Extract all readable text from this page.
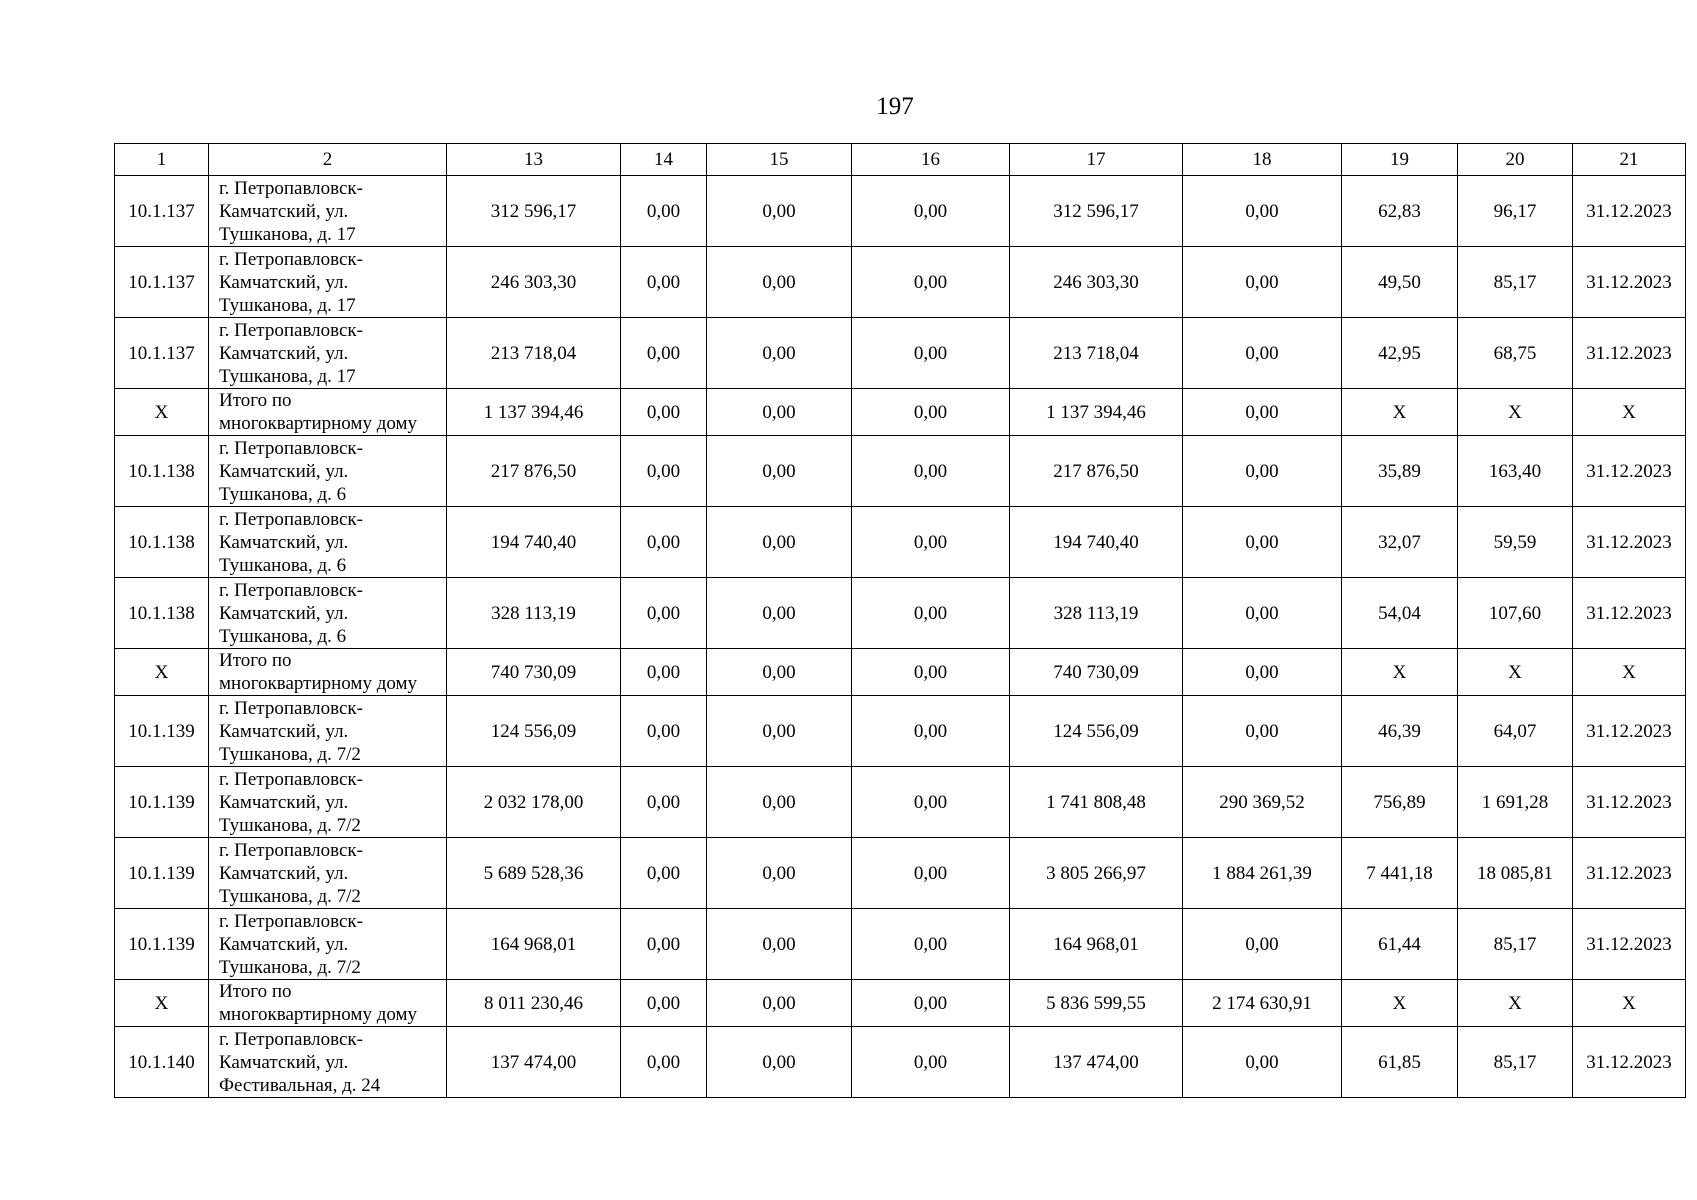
197
1	2	13	14	15	16	17	18	19	20	21
10.1.137	г. Петропавловск-
Камчатский, ул.
Тушканова, д. 17	312 596,17	0,00	0,00	0,00	312 596,17	0,00	62,83	96,17	31.12.2023
10.1.137	г. Петропавловск-
Камчатский, ул.
Тушканова, д. 17	246 303,30	0,00	0,00	0,00	246 303,30	0,00	49,50	85,17	31.12.2023
10.1.137	г. Петропавловск-
Камчатский, ул.
Тушканова, д. 17	213 718,04	0,00	0,00	0,00	213 718,04	0,00	42,95	68,75	31.12.2023
X	Итого по
многоквартирному дому	1 137 394,46	0,00	0,00	0,00	1 137 394,46	0,00	X	X	X
10.1.138	г. Петропавловск-
Камчатский, ул.
Тушканова, д. 6	217 876,50	0,00	0,00	0,00	217 876,50	0,00	35,89	163,40	31.12.2023
10.1.138	г. Петропавловск-
Камчатский, ул.
Тушканова, д. 6	194 740,40	0,00	0,00	0,00	194 740,40	0,00	32,07	59,59	31.12.2023
10.1.138	г. Петропавловск-
Камчатский, ул.
Тушканова, д. 6	328 113,19	0,00	0,00	0,00	328 113,19	0,00	54,04	107,60	31.12.2023
X	Итого по
многоквартирному дому	740 730,09	0,00	0,00	0,00	740 730,09	0,00	X	X	X
10.1.139	г. Петропавловск-
Камчатский, ул.
Тушканова, д. 7/2	124 556,09	0,00	0,00	0,00	124 556,09	0,00	46,39	64,07	31.12.2023
10.1.139	г. Петропавловск-
Камчатский, ул.
Тушканова, д. 7/2	2 032 178,00	0,00	0,00	0,00	1 741 808,48	290 369,52	756,89	1 691,28	31.12.2023
10.1.139	г. Петропавловск-
Камчатский, ул.
Тушканова, д. 7/2	5 689 528,36	0,00	0,00	0,00	3 805 266,97	1 884 261,39	7 441,18	18 085,81	31.12.2023
10.1.139	г. Петропавловск-
Камчатский, ул.
Тушканова, д. 7/2	164 968,01	0,00	0,00	0,00	164 968,01	0,00	61,44	85,17	31.12.2023
X	Итого по
многоквартирному дому	8 011 230,46	0,00	0,00	0,00	5 836 599,55	2 174 630,91	X	X	X
10.1.140	г. Петропавловск-
Камчатский, ул.
Фестивальная, д. 24	137 474,00	0,00	0,00	0,00	137 474,00	0,00	61,85	85,17	31.12.2023
